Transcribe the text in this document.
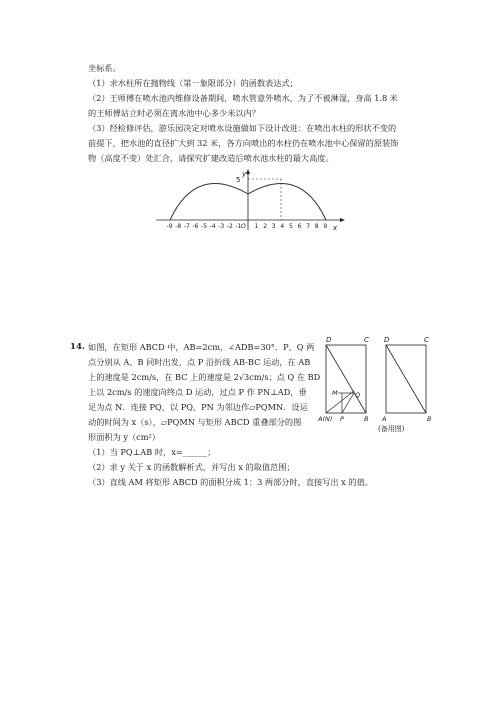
坐标系。
（1）求水柱所在抛物线（第一象限部分）的函数表达式；
（2）王师傅在喷水池内维修设备期间，喷水管意外喷水，为了不被淋湿，身高 1.8 米
的王师傅站立时必须在离水池中心多少米以内？
（3）经检修评估，游乐园决定对喷水设施做如下设计改进：在喷出水柱的形状不变的
前提下，把水池的直径扩大到 32 米，各方向喷出的水柱仍在喷水池中心保留的原装饰
物（高度不变）处汇合，请探究扩建改造后喷水池水柱的最大高度。
5
y
x
O
-9 -8 -7 -6 -5 -4 -3 -2 -1 1 2 3 4 5 6 7 8 9
14. 如图，在矩形 ABCD 中，AB=2cm，∠ADB=30°．P、Q 两
点分别从 A、B 同时出发，点 P 沿折线 AB-BC 运动，在 AB
上的速度是 2cm/s，在 BC 上的速度是 2√3cm/s；点 Q 在 BD
上以 2cm/s 的速度向终点 D 运动，过点 P 作 PN⊥AD，垂
足为点 N．连接 PQ，以 PQ，PN 为邻边作▱PQMN．设运
动的时间为 x（s），▱PQMN 与矩形 ABCD 重叠部分的图
形面积为 y（cm²）
（1）当 PQ⊥AB 时，x=______；
（2）求 y 关于 x 的函数解析式，并写出 x 的取值范围；
（3）直线 AM 将矩形 ABCD 的面积分成 1：3 两部分时，直接写出 x 的值。
D	C
M	Q
A(N) P	B
D	C
A	B
(备用图)
